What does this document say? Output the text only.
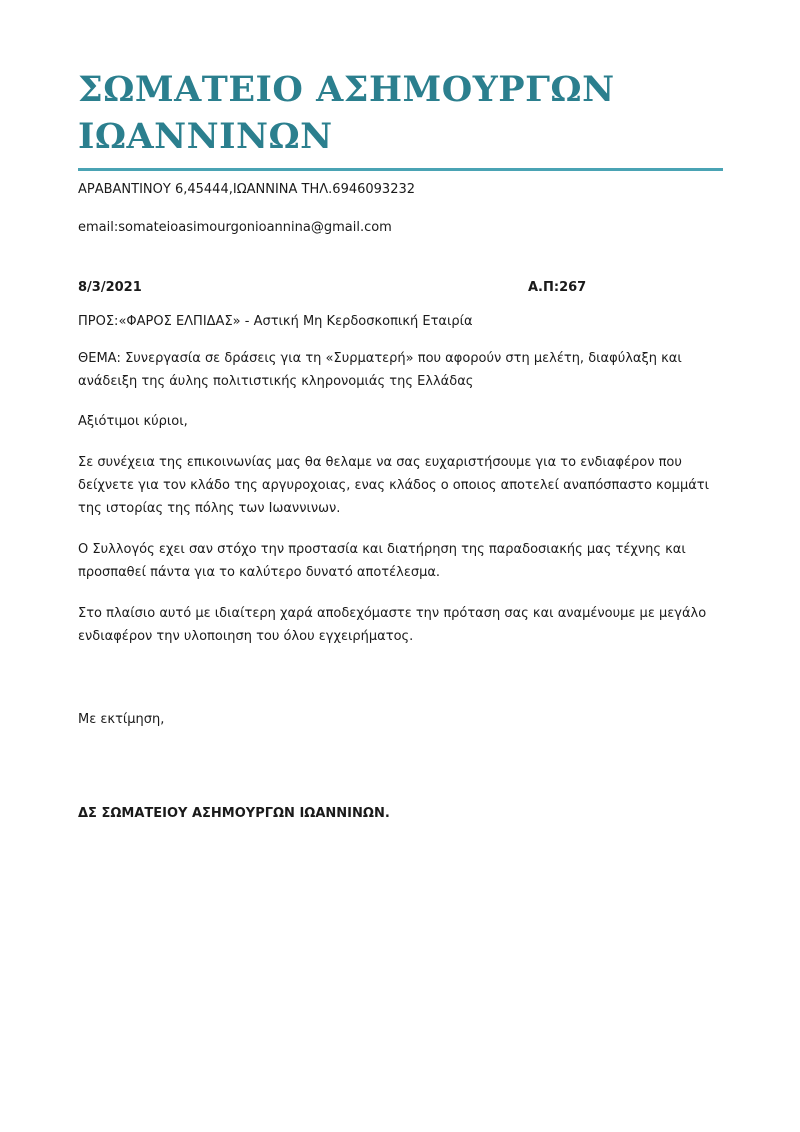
ΣΩΜΑΤΕΙΟ ΑΣΗΜΟΥΡΓΩΝ
ΙΩΑΝΝΙΝΩΝ

ΑΡΑΒΑΝΤΙΝΟΥ 6,45444,ΙΩΑΝΝΙΝΑ ΤΗΛ.6946093232

email:somateioasimourgonioannina@gmail.com

8/3/2021	Α.Π:267

ΠΡΟΣ:«ΦΑΡΟΣ ΕΛΠΙΔΑΣ» - Αστική Μη Κερδοσκοπική Εταιρία

ΘΕΜΑ: Συνεργασία σε δράσεις για τη «Συρματερή» που αφορούν στη μελέτη, διαφύλαξη και ανάδειξη της άυλης πολιτιστικής κληρονομιάς της Ελλάδας

Αξιότιμοι κύριοι,

Σε συνέχεια της επικοινωνίας μας θα θελαμε να σας ευχαριστήσουμε για το ενδιαφέρον που δείχνετε για τον κλάδο της αργυροχοιας, ενας κλάδος ο οποιος αποτελεί αναπόσπαστο κομμάτι της ιστορίας της πόλης των Ιωαννινων.

Ο Συλλογός εχει σαν στόχο την προστασία και διατήρηση της παραδοσιακής μας τέχνης και προσπαθεί πάντα για το καλύτερο δυνατό αποτέλεσμα.

Στο πλαίσιο αυτό με ιδιαίτερη χαρά αποδεχόμαστε την πρόταση σας και αναμένουμε με μεγάλο ενδιαφέρον την υλοποιηση του όλου εγχειρήματος.

Με εκτίμηση,

ΔΣ ΣΩΜΑΤΕΙΟΥ ΑΣΗΜΟΥΡΓΩΝ ΙΩΑΝΝΙΝΩΝ.
